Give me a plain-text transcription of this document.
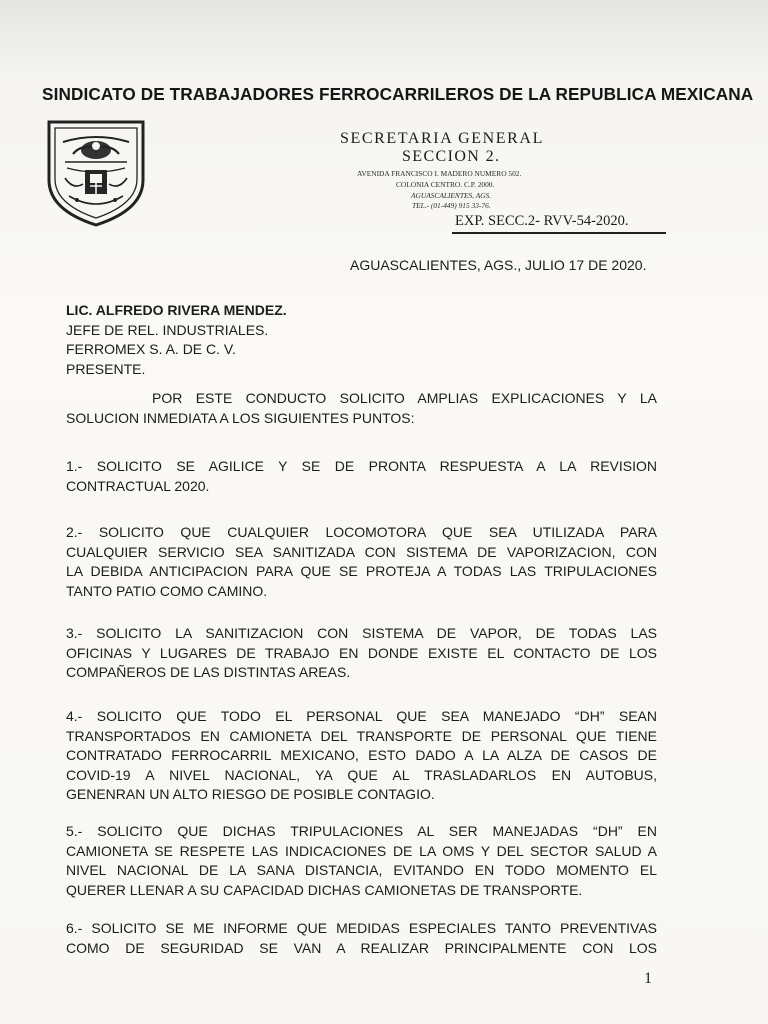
SINDICATO DE TRABAJADORES FERROCARRILEROS DE LA REPUBLICA MEXICANA
SECRETARIA GENERAL
SECCION 2.
AVENIDA FRANCISCO I. MADERO NUMERO 502.
COLONIA CENTRO. C.P. 2000.
AGUASCALIENTES, AGS.
TEL.- (01-449) 915 33-76.
EXP. SECC.2- RVV-54-2020.
AGUASCALIENTES, AGS., JULIO 17 DE 2020.
LIC. ALFREDO RIVERA MENDEZ.
JEFE DE REL. INDUSTRIALES.
FERROMEX S. A. DE C. V.
PRESENTE.
POR ESTE CONDUCTO SOLICITO AMPLIAS EXPLICACIONES Y LA
SOLUCION INMEDIATA A LOS SIGUIENTES PUNTOS:
1.- SOLICITO SE AGILICE Y SE DE PRONTA RESPUESTA A LA REVISION
CONTRACTUAL 2020.
2.- SOLICITO QUE CUALQUIER LOCOMOTORA QUE SEA UTILIZADA PARA
CUALQUIER SERVICIO SEA SANITIZADA CON SISTEMA DE VAPORIZACION, CON
LA DEBIDA ANTICIPACION PARA QUE SE PROTEJA A TODAS LAS TRIPULACIONES
TANTO PATIO COMO CAMINO.
3.- SOLICITO LA SANITIZACION CON SISTEMA DE VAPOR, DE TODAS LAS
OFICINAS Y LUGARES DE TRABAJO EN DONDE EXISTE EL CONTACTO DE LOS
COMPAÑEROS DE LAS DISTINTAS AREAS.
4.- SOLICITO QUE TODO EL PERSONAL QUE SEA MANEJADO “DH” SEAN
TRANSPORTADOS EN CAMIONETA DEL TRANSPORTE DE PERSONAL QUE TIENE
CONTRATADO FERROCARRIL MEXICANO, ESTO DADO A LA ALZA DE CASOS DE
COVID-19 A NIVEL NACIONAL, YA QUE AL TRASLADARLOS EN AUTOBUS,
GENENRAN UN ALTO RIESGO DE POSIBLE CONTAGIO.
5.- SOLICITO QUE DICHAS TRIPULACIONES AL SER MANEJADAS “DH” EN
CAMIONETA SE RESPETE LAS INDICACIONES DE LA OMS Y DEL SECTOR SALUD A
NIVEL NACIONAL DE LA SANA DISTANCIA, EVITANDO EN TODO MOMENTO EL
QUERER LLENAR A SU CAPACIDAD DICHAS CAMIONETAS DE TRANSPORTE.
6.- SOLICITO SE ME INFORME QUE MEDIDAS ESPECIALES TANTO PREVENTIVAS
COMO DE SEGURIDAD SE VAN A REALIZAR PRINCIPALMENTE CON LOS
1
